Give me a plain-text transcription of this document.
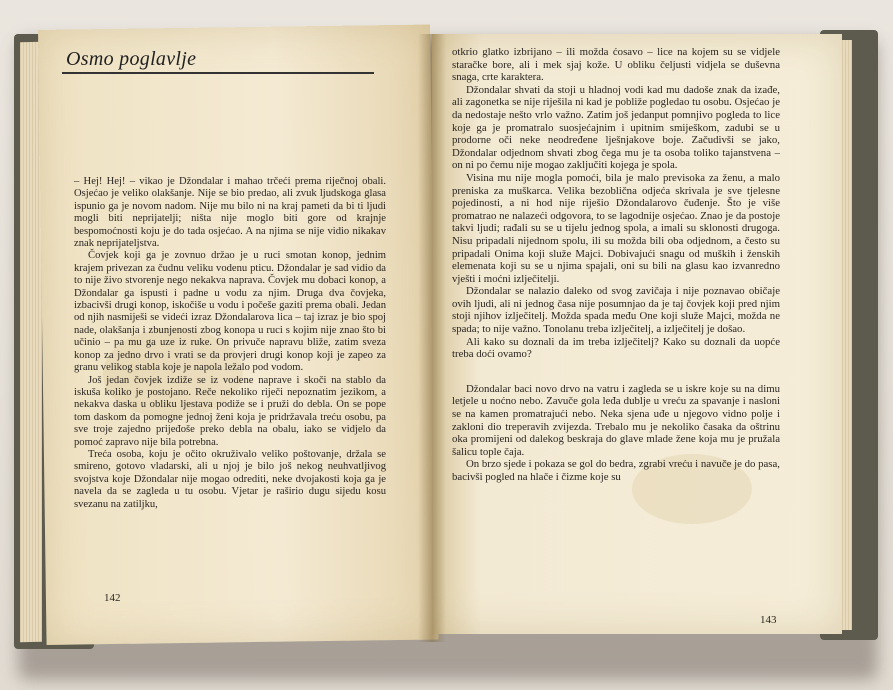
Osmo poglavlje

– Hej! Hej! – vikao je Džondalar i mahao trčeći prema riječnoj obali. Osjećao je veliko olakšanje. Nije se bio predao, ali zvuk ljudskoga glasa ispunio ga je novom nadom. Nije mu bilo ni na kraj pameti da bi ti ljudi mogli biti neprijatelji; ništa nije moglo biti gore od krajnje bespomoćnosti koju je do tada osjećao. A na njima se nije vidio nikakav znak neprijateljstva.

Čovjek koji ga je zovnuo držao je u ruci smotan konop, jednim krajem privezan za čudnu veliku vodenu pticu. Džondalar je sad vidio da to nije živo stvorenje nego nekakva naprava. Čovjek mu dobaci konop, a Džondalar ga ispusti i padne u vodu za njim. Druga dva čovjeka, izbacivši drugi konop, iskočiše u vodu i počeše gaziti prema obali. Jedan od njih nasmiješi se videći izraz Džondalarova lica – taj izraz je bio spoj nade, olakšanja i zbunjenosti zbog konopa u ruci s kojim nije znao što bi učinio – pa mu ga uze iz ruke. On privuče napravu bliže, zatim sveza konop za jedno drvo i vrati se da provjeri drugi konop koji je zapeo za granu velikog stabla koje je napola ležalo pod vodom.

Još jedan čovjek izdiže se iz vodene naprave i skoči na stablo da iskuša koliko je postojano. Reče nekoliko riječi nepoznatim jezikom, a nekakva daska u obliku ljestava podiže se i pruži do debla. On se pope tom daskom da pomogne jednoj ženi koja je pridržavala treću osobu, pa sve troje zajedno prijeđoše preko debla na obalu, iako se vidjelo da pomoć zapravo nije bila potrebna.

Treća osoba, koju je očito okruživalo veliko poštovanje, držala se smireno, gotovo vladarski, ali u njoj je bilo još nekog neuhvatljivog svojstva koje Džondalar nije mogao odrediti, neke dvojakosti koja ga je navela da se zagleda u tu osobu. Vjetar je raširio dugu sijedu kosu svezanu na zatiljku,

142

otkrio glatko izbrijano – ili možda ćosavo – lice na kojem su se vidjele staračke bore, ali i mek sjaj kože. U obliku čeljusti vidjela se duševna snaga, crte karaktera.

Džondalar shvati da stoji u hladnoj vodi kad mu dadoše znak da izađe, ali zagonetka se nije riješila ni kad je pobliže pogledao tu osobu. Osjećao je da nedostaje nešto vrlo važno. Zatim još jedanput pomnjivo pogleda to lice koje ga je promatralo suosjećajnim i upitnim smiješkom, zadubi se u prodorne oči neke neodređene lješnjakove boje. Začudivši se jako, Džondalar odjednom shvati zbog čega mu je ta osoba toliko tajanstvena – on ni po čemu nije mogao zaključiti kojega je spola.

Visina mu nije mogla pomoći, bila je malo previsoka za ženu, a malo preniska za muškarca. Velika bezoblična odjeća skrivala je sve tjelesne pojedinosti, a ni hod nije riješio Džondalarovo čuđenje. Što je više promatrao ne nalazeći odgovora, to se lagodnije osjećao. Znao je da postoje takvi ljudi; rađali su se u tijelu jednog spola, a imali su sklonosti drugoga. Nisu pripadali nijednom spolu, ili su možda bili oba odjednom, a često su pripadali Onima koji služe Majci. Dobivajući snagu od muških i ženskih elemenata koji su se u njima spajali, oni su bili na glasu kao izvanredno vješti i moćni izlječitelji.

Džondalar se nalazio daleko od svog zavičaja i nije poznavao običaje ovih ljudi, ali ni jednog časa nije posumnjao da je taj čovjek koji pred njim stoji njihov izlječitelj. Možda spada među One koji služe Majci, možda ne spada; to nije važno. Tonolanu treba izlječitelj, a izlječitelj je došao.

Ali kako su doznali da im treba izlječitelj? Kako su doznali da uopće treba doći ovamo?

Džondalar baci novo drvo na vatru i zagleda se u iskre koje su na dimu letjele u noćno nebo. Zavuče gola leđa dublje u vreću za spavanje i nasloni se na kamen promatrajući nebo. Neka sjena uđe u njegovo vidno polje i zakloni dio treperavih zvijezda. Trebalo mu je nekoliko časaka da oštrinu oka promijeni od dalekog beskraja do glave mlade žene koja mu je pružala šalicu tople čaja.

On brzo sjede i pokaza se gol do bedra, zgrabi vreću i navuče je do pasa, bacivši pogled na hlače i čizme koje su

143
